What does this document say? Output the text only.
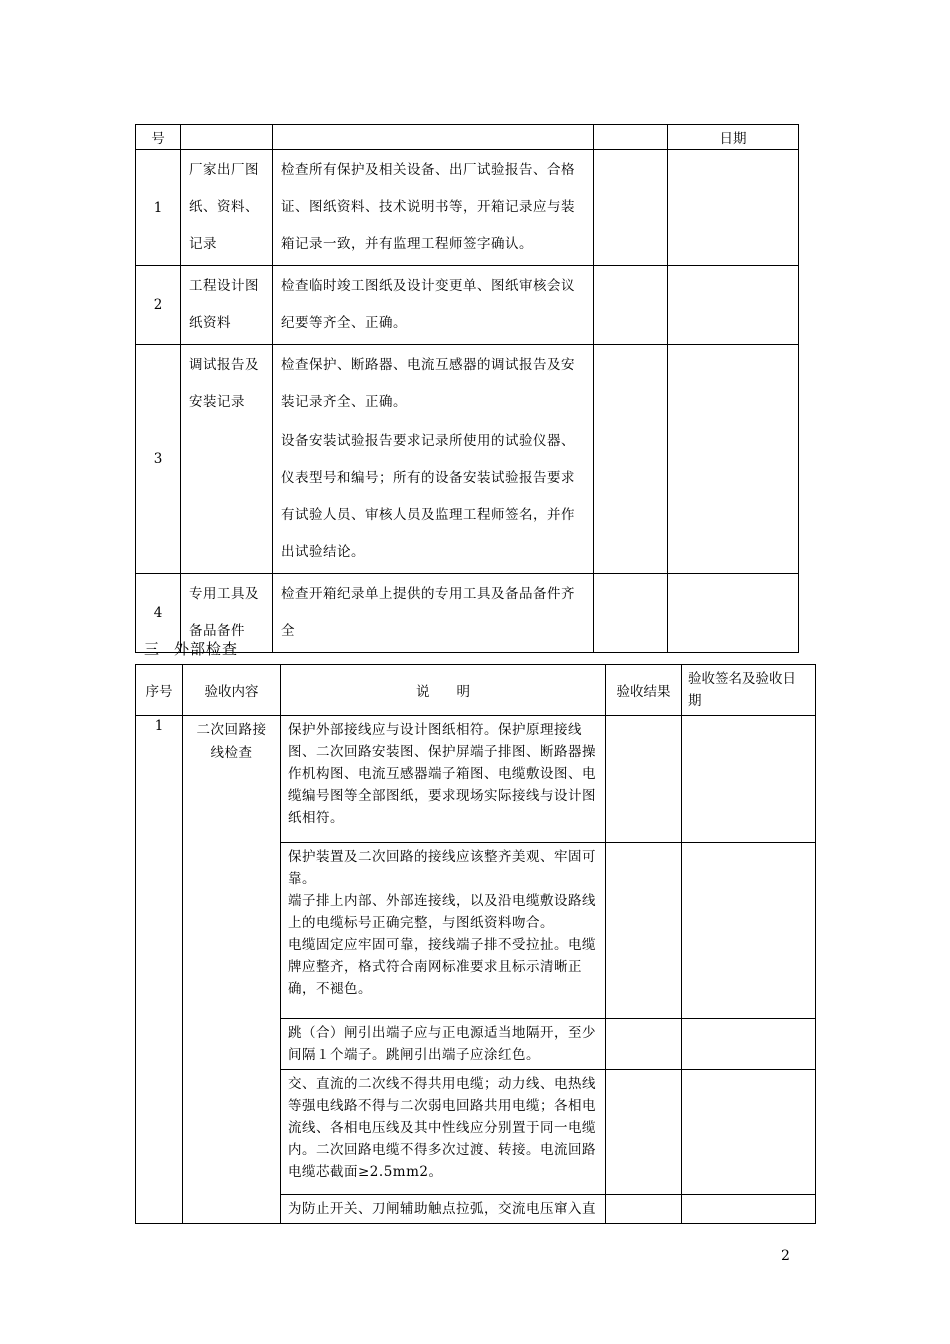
号				日期
1	厂家出厂图纸、资料、记录	检查所有保护及相关设备、出厂试验报告、合格证、图纸资料、技术说明书等，开箱记录应与装箱记录一致，并有监理工程师签字确认。		

2	工程设计图纸资料	检查临时竣工图纸及设计变更单、图纸审核会议纪要等齐全、正确。		

3	调试报告及安装记录	检查保护、断路器、电流互感器的调试报告及安装记录齐全、正确。
设备安装试验报告要求记录所使用的试验仪器、仪表型号和编号；所有的设备安装试验报告要求有试验人员、审核人员及监理工程师签名，并作出试验结论。		

4	专用工具及备品备件	检查开箱纪录单上提供的专用工具及备品备件齐全		

三 外部检查
序号	验收内容	说　　明	验收结果	验收签名及验收日期
1	二次回路接线检查	保护外部接线应与设计图纸相符。保护原理接线图、二次回路安装图、保护屏端子排图、断路器操作机构图、电流互感器端子箱图、电缆敷设图、电缆编号图等全部图纸，要求现场实际接线与设计图纸相符。		

		保护装置及二次回路的接线应该整齐美观、牢固可靠。
端子排上内部、外部连接线，以及沿电缆敷设路线上的电缆标号正确完整，与图纸资料吻合。
电缆固定应牢固可靠，接线端子排不受拉扯。电缆牌应整齐，格式符合南网标准要求且标示清晰正确，不褪色。		

		跳（合）闸引出端子应与正电源适当地隔开，至少间隔１个端子。跳闸引出端子应涂红色。		

		交、直流的二次线不得共用电缆；动力线、电热线等强电线路不得与二次弱电回路共用电缆；各相电流线、各相电压线及其中性线应分别置于同一电缆内。二次回路电缆不得多次过渡、转接。电流回路电缆芯截面≥2.5mm2。		

		为防止开关、刀闸辅助触点拉弧，交流电压窜入直		

2
